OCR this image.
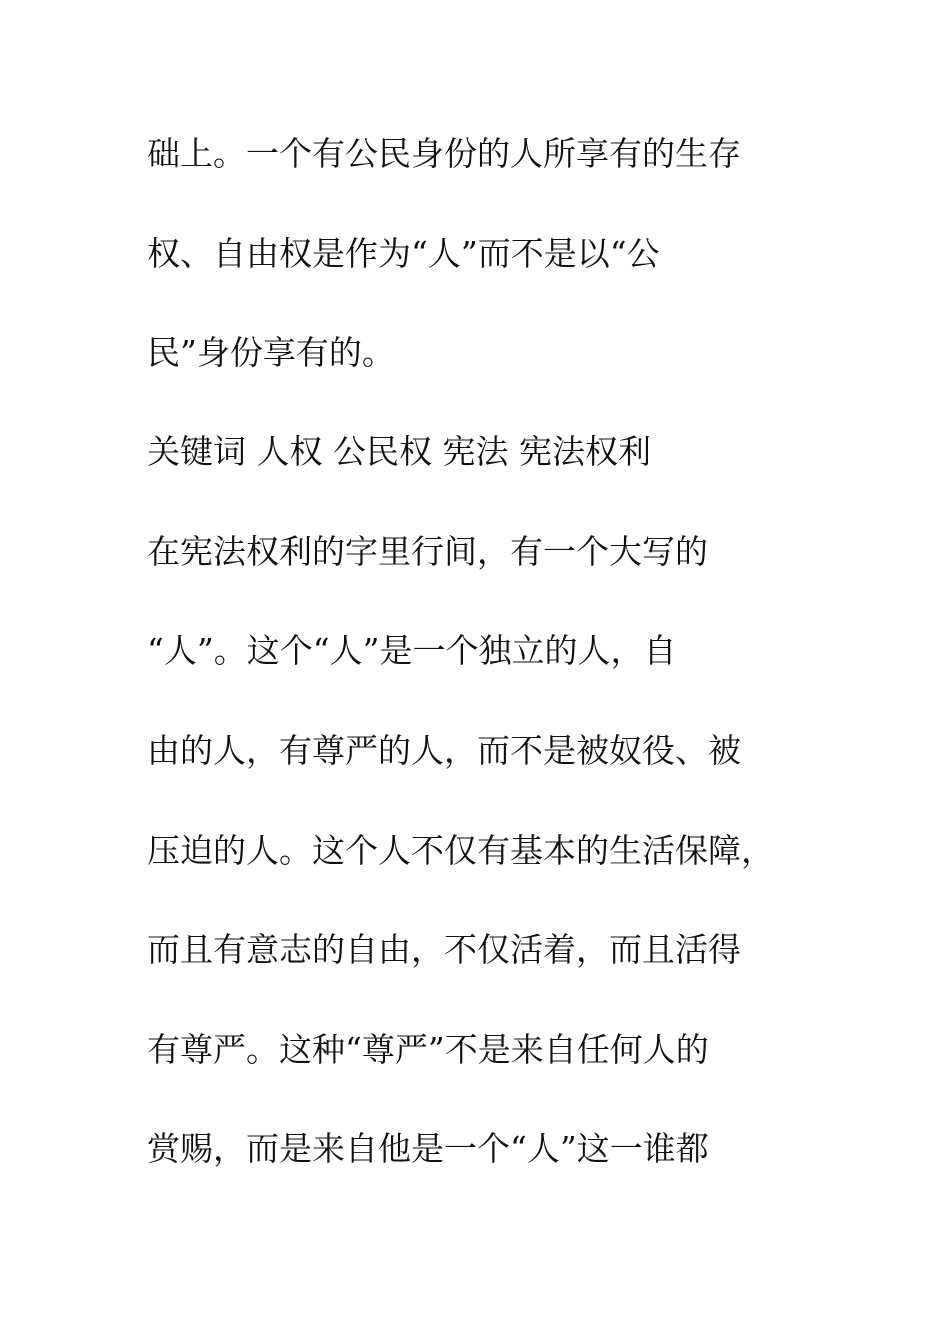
础上。一个有公民身份的人所享有的生存
权、自由权是作为“人”而不是以“公
民”身份享有的。
关键词 人权 公民权 宪法 宪法权利
在宪法权利的字里行间，有一个大写的
“人”。这个“人”是一个独立的人，自
由的人，有尊严的人，而不是被奴役、被
压迫的人。这个人不仅有基本的生活保障，
而且有意志的自由，不仅活着，而且活得
有尊严。这种“尊严”不是来自任何人的
赏赐，而是来自他是一个“人”这一谁都
